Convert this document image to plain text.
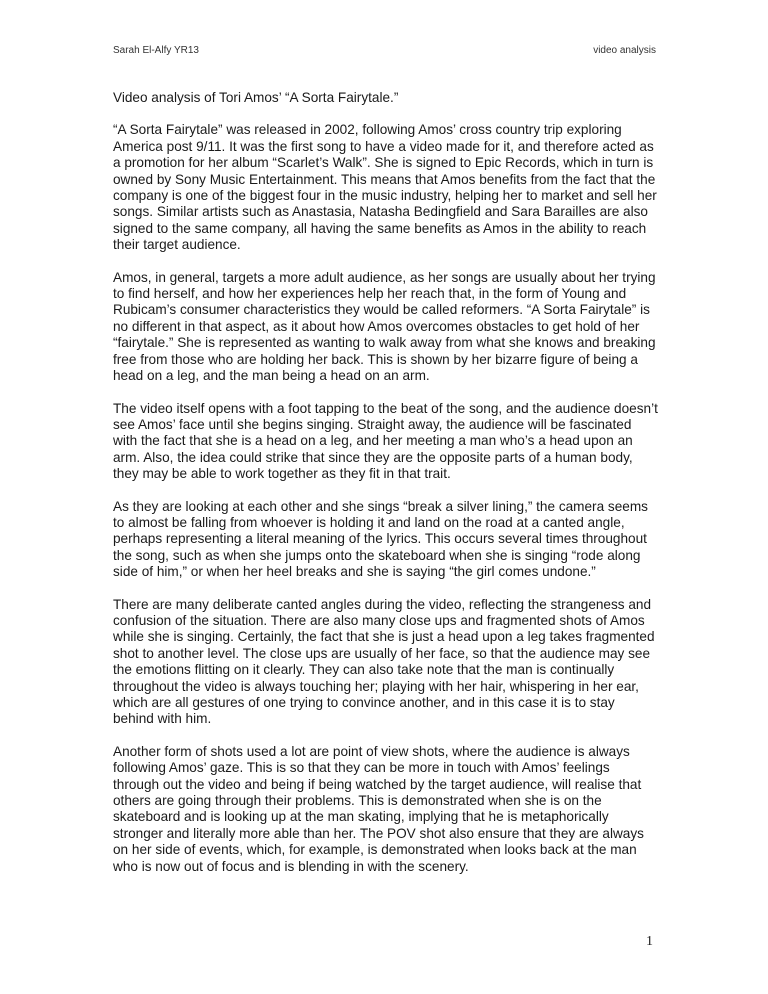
Sarah El-Alfy YR13	video analysis

Video analysis of Tori Amos’ “A Sorta Fairytale.”

“A Sorta Fairytale” was released in 2002, following Amos’ cross country trip exploring America post 9/11. It was the first song to have a video made for it, and therefore acted as a promotion for her album “Scarlet’s Walk”. She is signed to Epic Records, which in turn is owned by Sony Music Entertainment. This means that Amos benefits from the fact that the company is one of the biggest four in the music industry, helping her to market and sell her songs. Similar artists such as Anastasia, Natasha Bedingfield and Sara Barailles are also signed to the same company, all having the same benefits as Amos in the ability to reach their target audience.

Amos, in general, targets a more adult audience, as her songs are usually about her trying to find herself, and how her experiences help her reach that, in the form of Young and Rubicam’s consumer characteristics they would be called reformers. “A Sorta Fairytale” is no different in that aspect, as it about how Amos overcomes obstacles to get hold of her “fairytale.” She is represented as wanting to walk away from what she knows and breaking free from those who are holding her back. This is shown by her bizarre figure of being a head on a leg, and the man being a head on an arm.

The video itself opens with a foot tapping to the beat of the song, and the audience doesn’t see Amos’ face until she begins singing. Straight away, the audience will be fascinated with the fact that she is a head on a leg, and her meeting a man who’s a head upon an arm. Also, the idea could strike that since they are the opposite parts of a human body, they may be able to work together as they fit in that trait.

As they are looking at each other and she sings “break a silver lining,” the camera seems to almost be falling from whoever is holding it and land on the road at a canted angle, perhaps representing a literal meaning of the lyrics. This occurs several times throughout the song, such as when she jumps onto the skateboard when she is singing “rode along side of him,” or when her heel breaks and she is saying “the girl comes undone.”

There are many deliberate canted angles during the video, reflecting the strangeness and confusion of the situation. There are also many close ups and fragmented shots of Amos while she is singing. Certainly, the fact that she is just a head upon a leg takes fragmented shot to another level. The close ups are usually of her face, so that the audience may see the emotions flitting on it clearly. They can also take note that the man is continually throughout the video is always touching her; playing with her hair, whispering in her ear, which are all gestures of one trying to convince another, and in this case it is to stay behind with him.

Another form of shots used a lot are point of view shots, where the audience is always following Amos’ gaze. This is so that they can be more in touch with Amos’ feelings through out the video and being if being watched by the target audience, will realise that others are going through their problems. This is demonstrated when she is on the skateboard and is looking up at the man skating, implying that he is metaphorically stronger and literally more able than her. The POV shot also ensure that they are always on her side of events, which, for example, is demonstrated when looks back at the man who is now out of focus and is blending in with the scenery.

1
